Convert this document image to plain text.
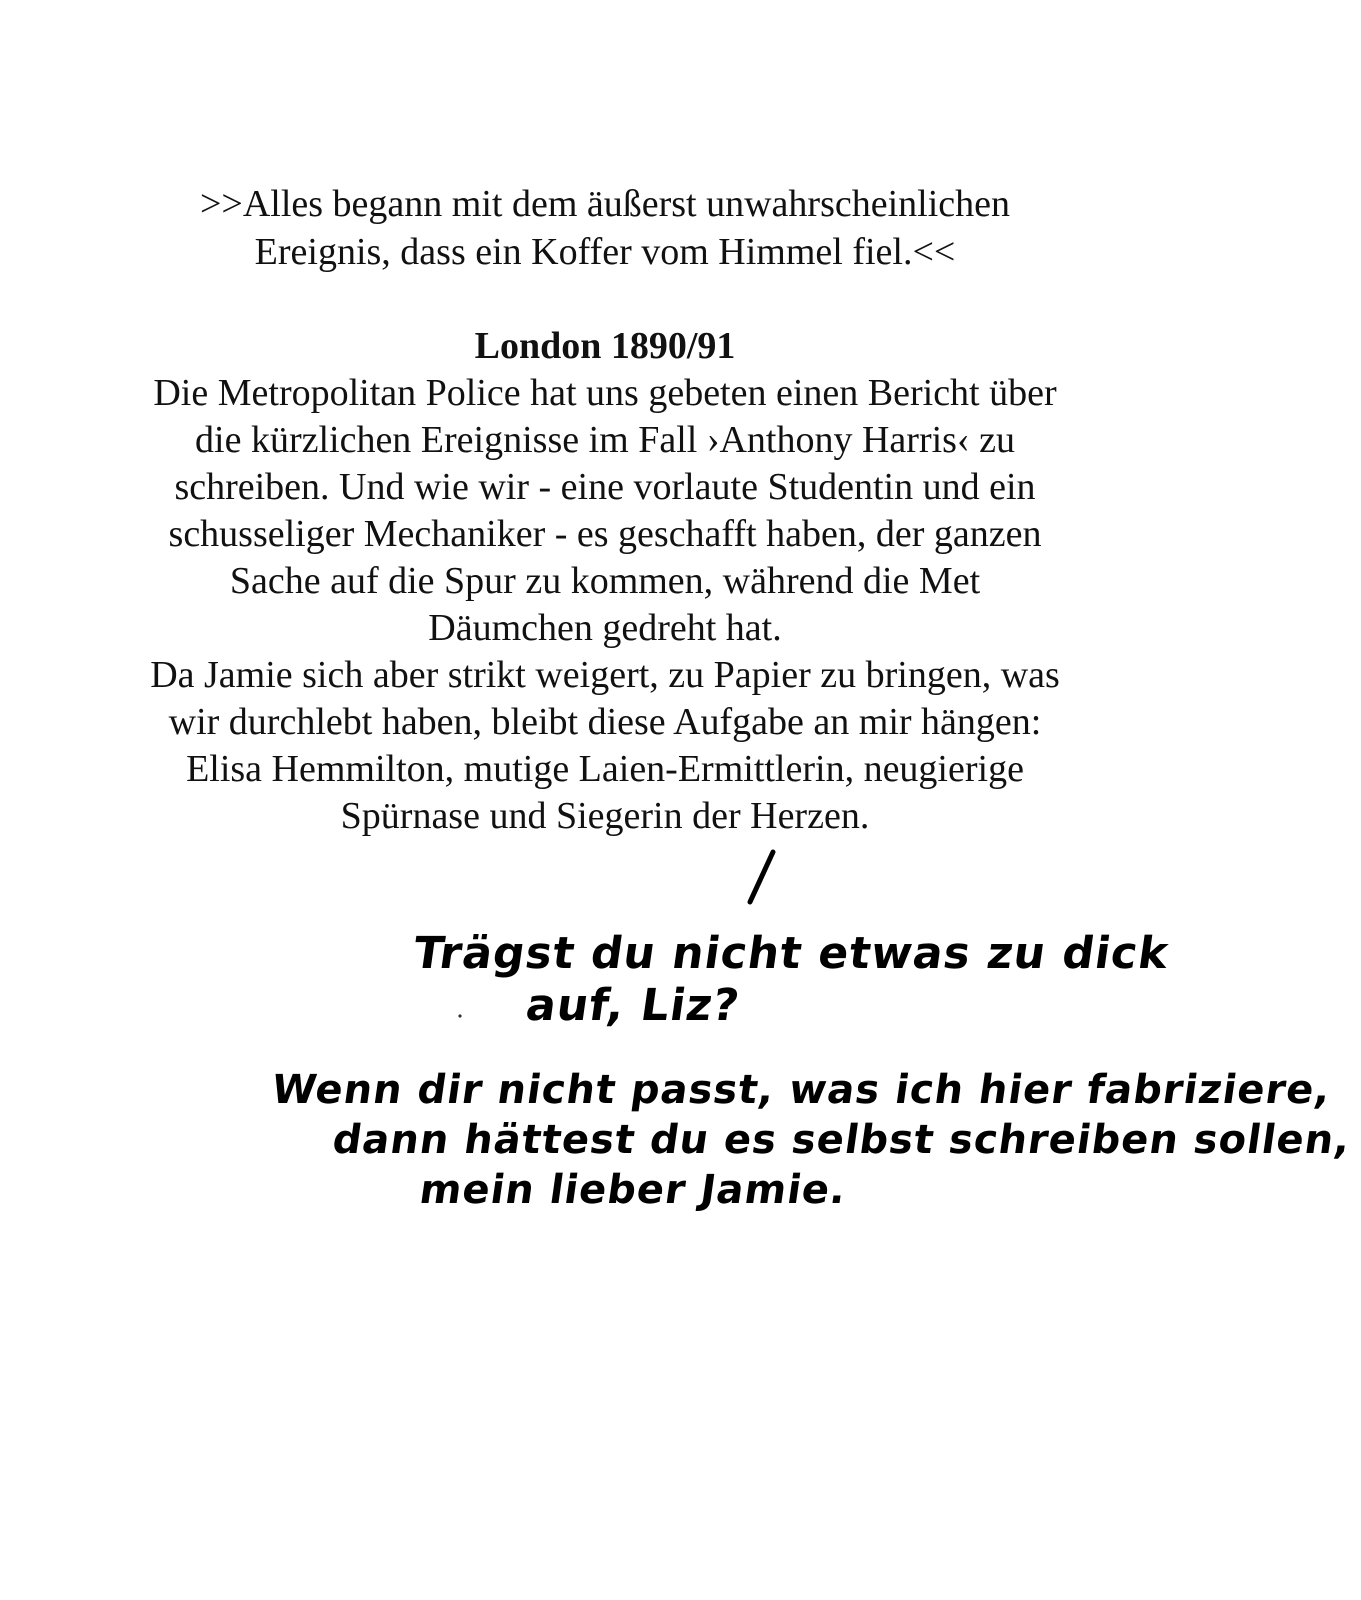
>>Alles begann mit dem äußerst unwahrscheinlichen
Ereignis, dass ein Koffer vom Himmel fiel.<<
London 1890/91
Die Metropolitan Police hat uns gebeten einen Bericht über
die kürzlichen Ereignisse im Fall ›Anthony Harris‹ zu
schreiben. Und wie wir - eine vorlaute Studentin und ein
schusseliger Mechaniker - es geschafft haben, der ganzen
Sache auf die Spur zu kommen, während die Met
Däumchen gedreht hat.
Da Jamie sich aber strikt weigert, zu Papier zu bringen, was
wir durchlebt haben, bleibt diese Aufgabe an mir hängen:
Elisa Hemmilton, mutige Laien-Ermittlerin, neugierige
Spürnase und Siegerin der Herzen.
Trägst du nicht etwas zu dick
auf, Liz?
Wenn dir nicht passt, was ich hier fabriziere,
dann hättest du es selbst schreiben sollen,
mein lieber Jamie.
